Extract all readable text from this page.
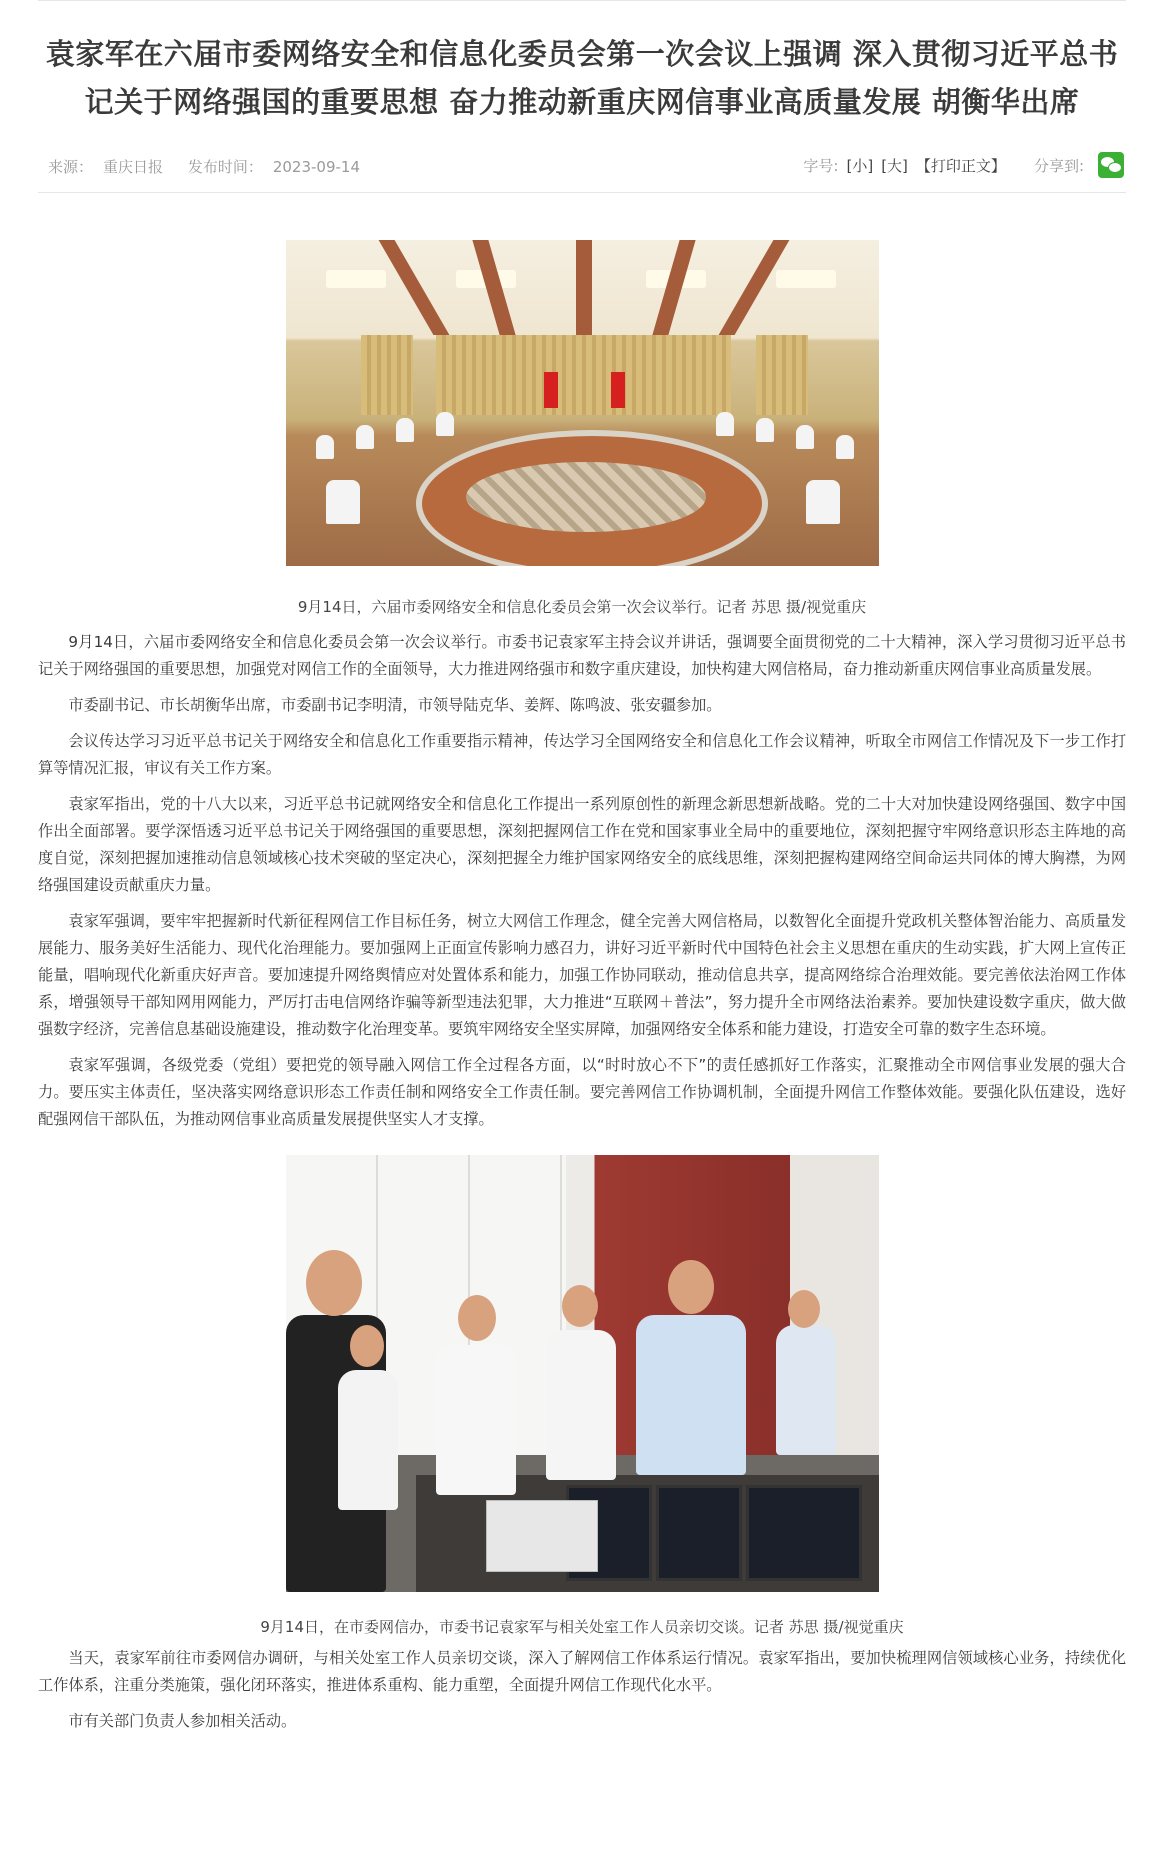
袁家军在六届市委网络安全和信息化委员会第一次会议上强调 深入贯彻习近平总书记关于网络强国的重要思想 奋力推动新重庆网信事业高质量发展 胡衡华出席
来源： 重庆日报 发布时间： 2023-09-14	字号: [小] [大] 【打印正文】 分享到:
9月14日，六届市委网络安全和信息化委员会第一次会议举行。记者 苏思 摄/视觉重庆

9月14日，六届市委网络安全和信息化委员会第一次会议举行。市委书记袁家军主持会议并讲话，强调要全面贯彻党的二十大精神，深入学习贯彻习近平总书记关于网络强国的重要思想，加强党对网信工作的全面领导，大力推进网络强市和数字重庆建设，加快构建大网信格局，奋力推动新重庆网信事业高质量发展。

市委副书记、市长胡衡华出席，市委副书记李明清，市领导陆克华、姜辉、陈鸣波、张安疆参加。

会议传达学习习近平总书记关于网络安全和信息化工作重要指示精神，传达学习全国网络安全和信息化工作会议精神，听取全市网信工作情况及下一步工作打算等情况汇报，审议有关工作方案。

袁家军指出，党的十八大以来，习近平总书记就网络安全和信息化工作提出一系列原创性的新理念新思想新战略。党的二十大对加快建设网络强国、数字中国作出全面部署。要学深悟透习近平总书记关于网络强国的重要思想，深刻把握网信工作在党和国家事业全局中的重要地位，深刻把握守牢网络意识形态主阵地的高度自觉，深刻把握加速推动信息领域核心技术突破的坚定决心，深刻把握全力维护国家网络安全的底线思维，深刻把握构建网络空间命运共同体的博大胸襟，为网络强国建设贡献重庆力量。

袁家军强调，要牢牢把握新时代新征程网信工作目标任务，树立大网信工作理念，健全完善大网信格局，以数智化全面提升党政机关整体智治能力、高质量发展能力、服务美好生活能力、现代化治理能力。要加强网上正面宣传影响力感召力，讲好习近平新时代中国特色社会主义思想在重庆的生动实践，扩大网上宣传正能量，唱响现代化新重庆好声音。要加速提升网络舆情应对处置体系和能力，加强工作协同联动，推动信息共享，提高网络综合治理效能。要完善依法治网工作体系，增强领导干部知网用网能力，严厉打击电信网络诈骗等新型违法犯罪，大力推进“互联网＋普法”，努力提升全市网络法治素养。要加快建设数字重庆，做大做强数字经济，完善信息基础设施建设，推动数字化治理变革。要筑牢网络安全坚实屏障，加强网络安全体系和能力建设，打造安全可靠的数字生态环境。

袁家军强调，各级党委（党组）要把党的领导融入网信工作全过程各方面，以“时时放心不下”的责任感抓好工作落实，汇聚推动全市网信事业发展的强大合力。要压实主体责任，坚决落实网络意识形态工作责任制和网络安全工作责任制。要完善网信工作协调机制，全面提升网信工作整体效能。要强化队伍建设，选好配强网信干部队伍，为推动网信事业高质量发展提供坚实人才支撑。

9月14日，在市委网信办，市委书记袁家军与相关处室工作人员亲切交谈。记者 苏思 摄/视觉重庆

当天，袁家军前往市委网信办调研，与相关处室工作人员亲切交谈，深入了解网信工作体系运行情况。袁家军指出，要加快梳理网信领域核心业务，持续优化工作体系，注重分类施策，强化闭环落实，推进体系重构、能力重塑，全面提升网信工作现代化水平。

市有关部门负责人参加相关活动。
